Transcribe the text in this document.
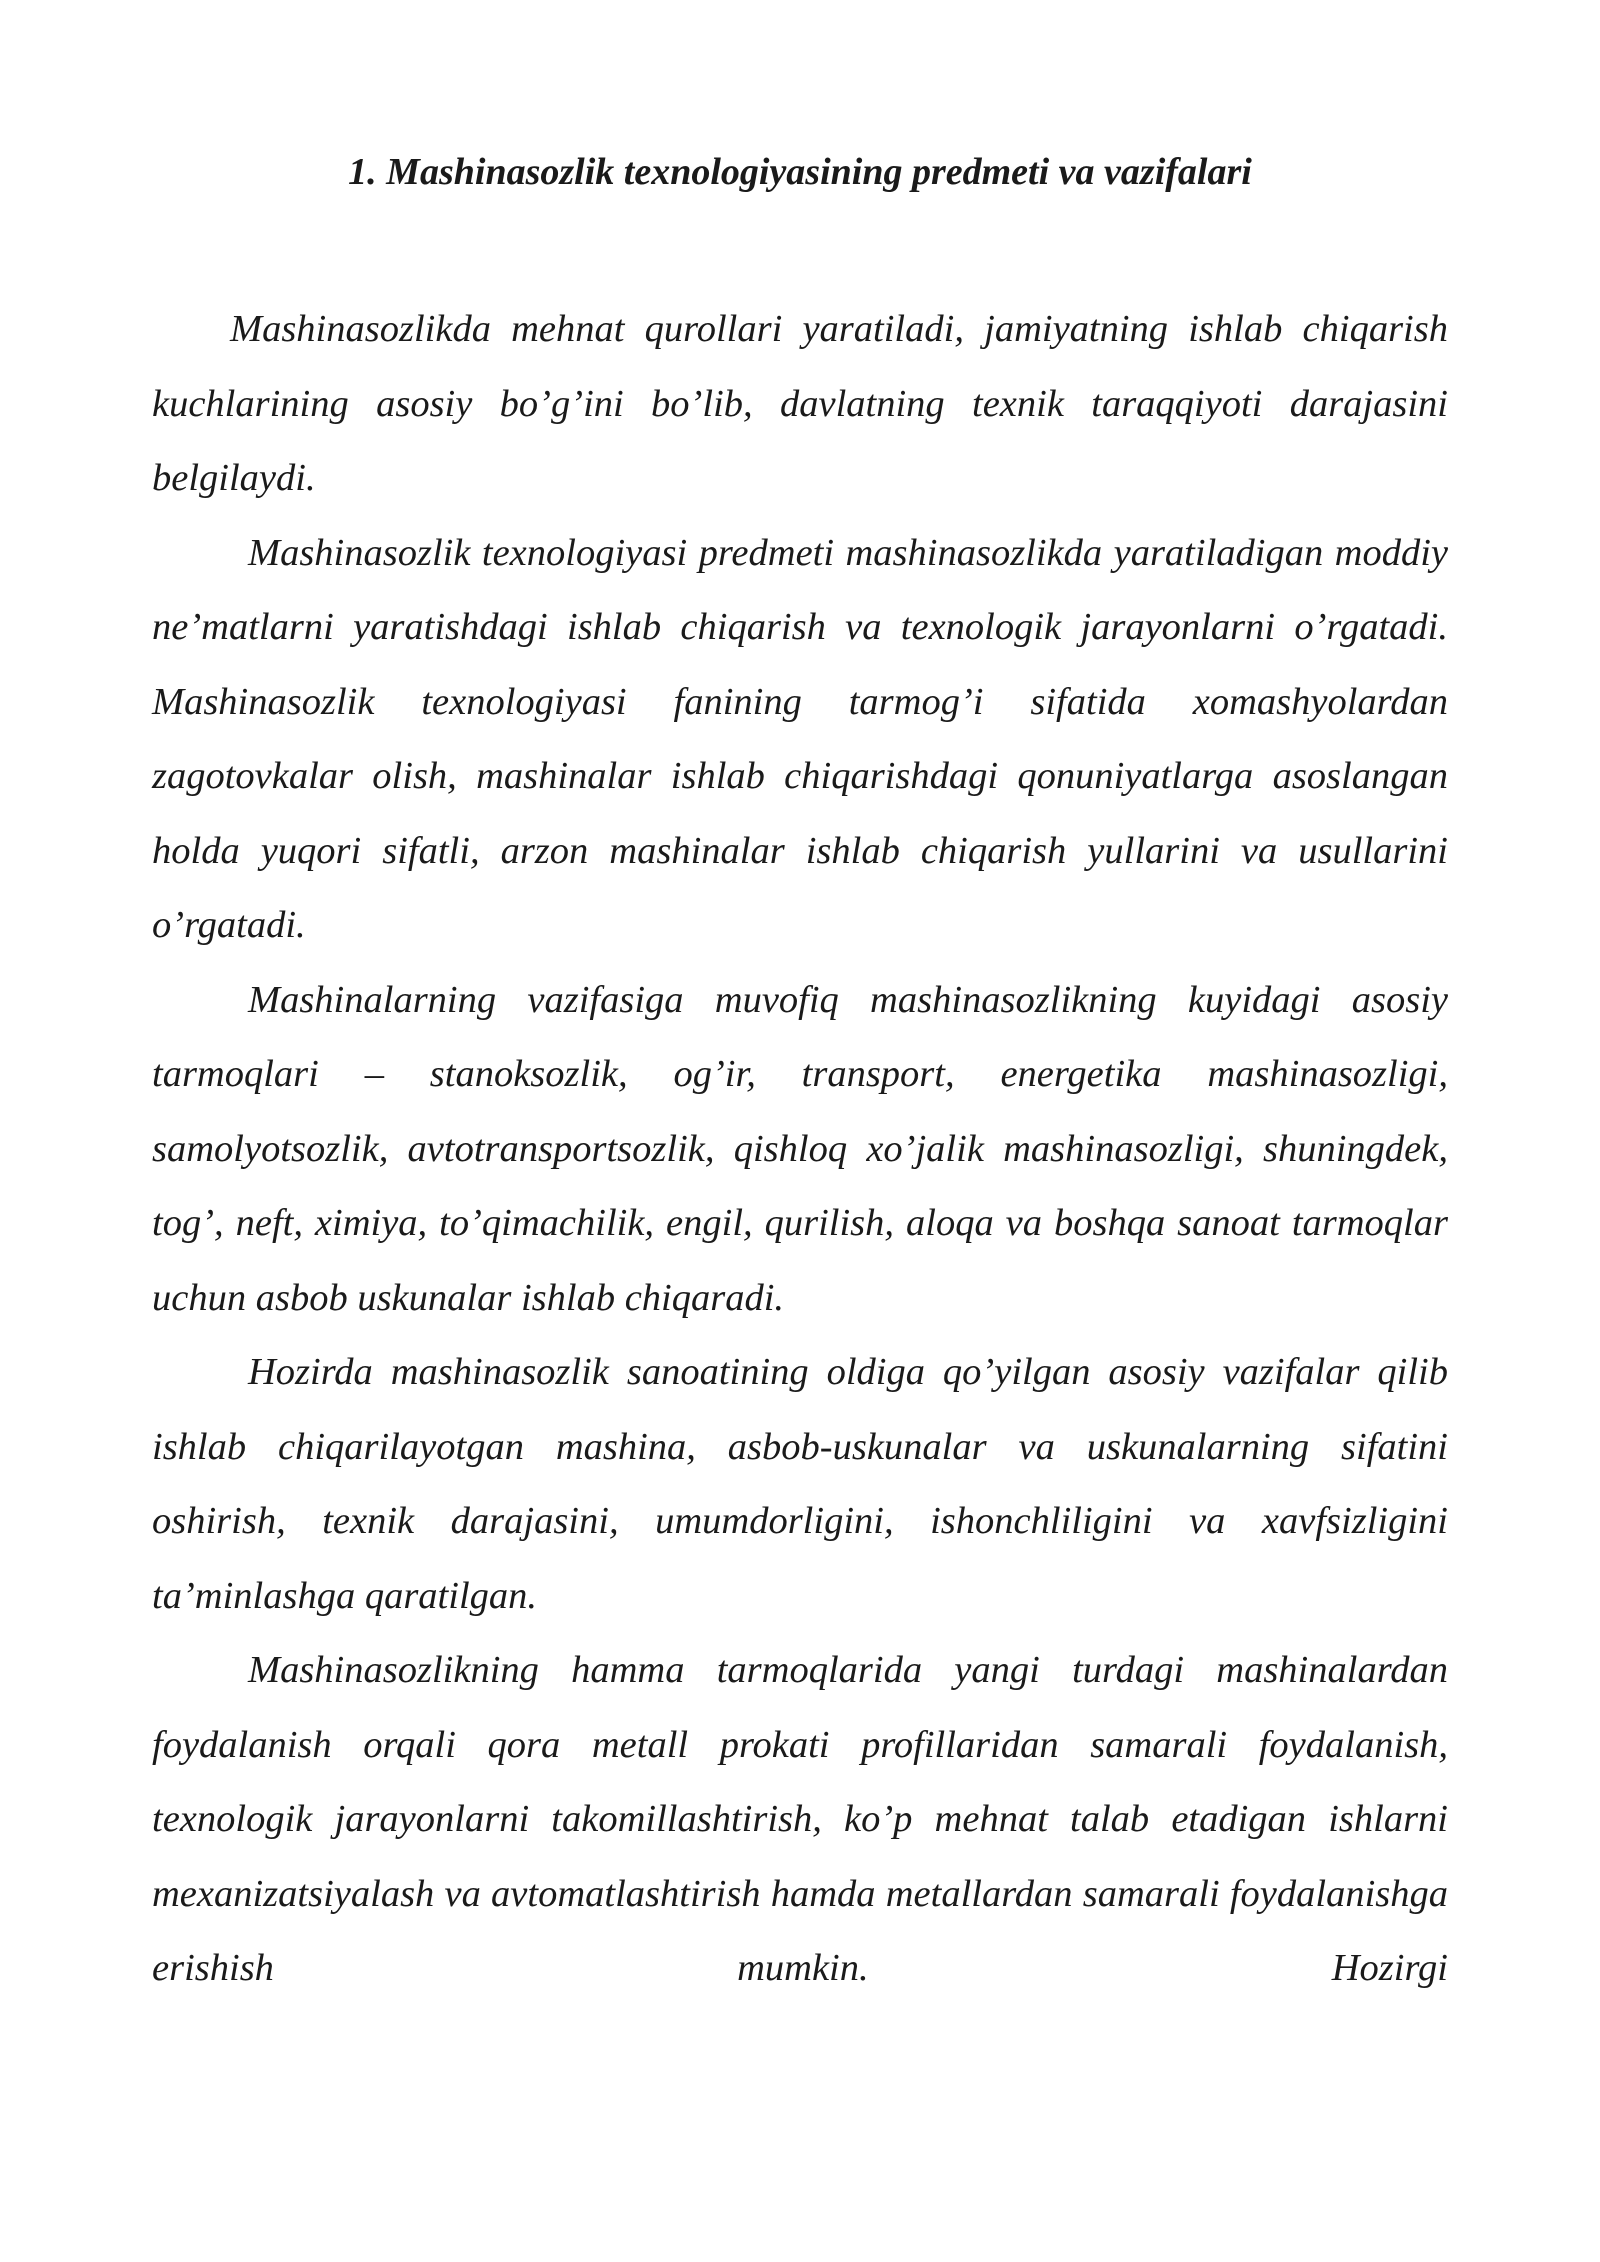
1. Mashinasozlik texnologiyasining predmeti va vazifalari

Mashinasozlikda mehnat qurollari yaratiladi, jamiyatning ishlab chiqarish kuchlarining asosiy bo’g’ini bo’lib, davlatning texnik taraqqiyoti darajasini belgilaydi.

Mashinasozlik texnologiyasi predmeti mashinasozlikda yaratiladigan moddiy ne’matlarni yaratishdagi ishlab chiqarish va texnologik jarayonlarni o’rgatadi. Mashinasozlik texnologiyasi fanining tarmog’i sifatida xomashyolardan zagotovkalar olish, mashinalar ishlab chiqarishdagi qonuniyatlarga asoslangan holda yuqori sifatli, arzon mashinalar ishlab chiqarish yullarini va usullarini o’rgatadi.

Mashinalarning vazifasiga muvofiq mashinasozlikning kuyidagi asosiy tarmoqlari – stanoksozlik, og’ir, transport, energetika mashinasozligi, samolyotsozlik, avtotransportsozlik, qishloq xo’jalik mashinasozligi, shuningdek, tog’, neft, ximiya, to’qimachilik, engil, qurilish, aloqa va boshqa sanoat tarmoqlar uchun asbob uskunalar ishlab chiqaradi.

Hozirda mashinasozlik sanoatining oldiga qo’yilgan asosiy vazifalar qilib ishlab chiqarilayotgan mashina, asbob-uskunalar va uskunalarning sifatini oshirish, texnik darajasini, umumdorligini, ishonchliligini va xavfsizligini ta’minlashga qaratilgan.

Mashinasozlikning hamma tarmoqlarida yangi turdagi mashinalardan foydalanish orqali qora metall prokati profillaridan samarali foydalanish, texnologik jarayonlarni takomillashtirish, ko’p mehnat talab etadigan ishlarni mexanizatsiyalash va avtomatlashtirish hamda metallardan samarali foydalanishga erishish mumkin. Hozirgi
